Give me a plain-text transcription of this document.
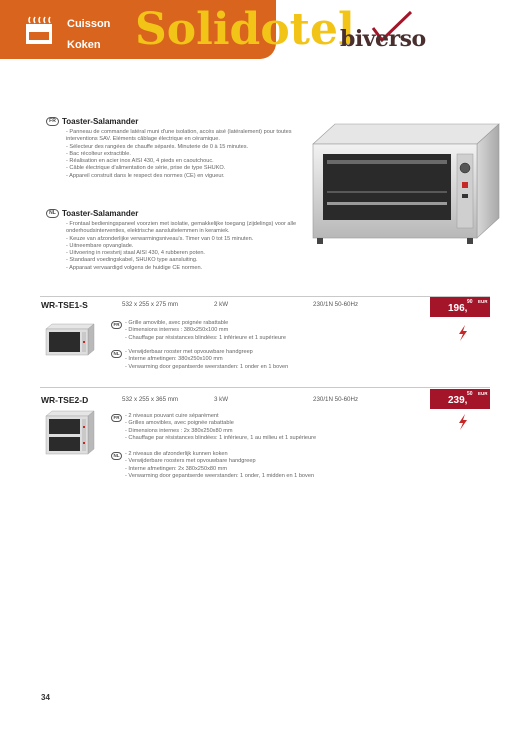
Cuisson
Koken Solidotel
biverso
FR Toaster-Salamander
- Panneau de commande latéral muni d'une isolation, accès aisé (latéralement) pour toutes interventions SAV. Eléments câblage électrique en céramique.
- Sélecteur des rangées de chauffe séparés. Minuterie de 0 à 15 minutes.
- Bac récolteur extractible.
- Réalisation en acier inox AISI 430, 4 pieds en caoutchouc.
- Câble électrique d'alimentation de série, prise de type SHUKO.
- Appareil construit dans le respect des normes (CE) en vigueur.
NL Toaster-Salamander
- Frontaal bedieningspaneel voorzien met isolatie, gemakkelijke toegang (zijdelings) voor alle onderhoudsinterventies, elektrische aansluitelemmen in keramiek.
- Keuze van afzonderlijke verwarmingsniveau's. Timer van 0 tot 15 minuten.
- Uitneembare opvanglade.
- Uitvoering in roestvrij staal AISI 430, 4 rubberen poten.
- Standaard voedingskabel, SHUKO type aansluiting.
- Apparaat vervaardigd volgens de huidige CE normen.
WR-TSE1-S	532 x 255 x 275 mm	2 kW	230/1N 50-60Hz	196,
90 EUR
FR - Grille amovible, avec poignée rabattable
- Dimensions internes : 380x250x100 mm
- Chauffage par résistances blindées: 1 inférieure et 1 supérieure
NL - Verwijderbaar rooster met opvouwbare handgreep
- Interne afmetingen: 380x250x100 mm
- Verwarming door gepantserde weerstanden: 1 onder en 1 boven
WR-TSE2-D	532 x 255 x 365 mm	3 kW	230/1N 50-60Hz	239,
50 EUR
FR - 2 niveaux pouvant cuire séparément
- Grilles amovibles, avec poignée rabattable
- Dimensions internes : 2x 380x250x80 mm
- Chauffage par résistances blindées: 1 inférieure, 1 au milieu et 1 supérieure
NL - 2 niveaus die afzonderlijk kunnen koken
- Verwijderbare roosters met opvouwbare handgreep
- Interne afmetingen: 2x 380x250x80 mm
- Verwarming door gepantserde weerstanden: 1 onder, 1 midden en 1 boven
34
